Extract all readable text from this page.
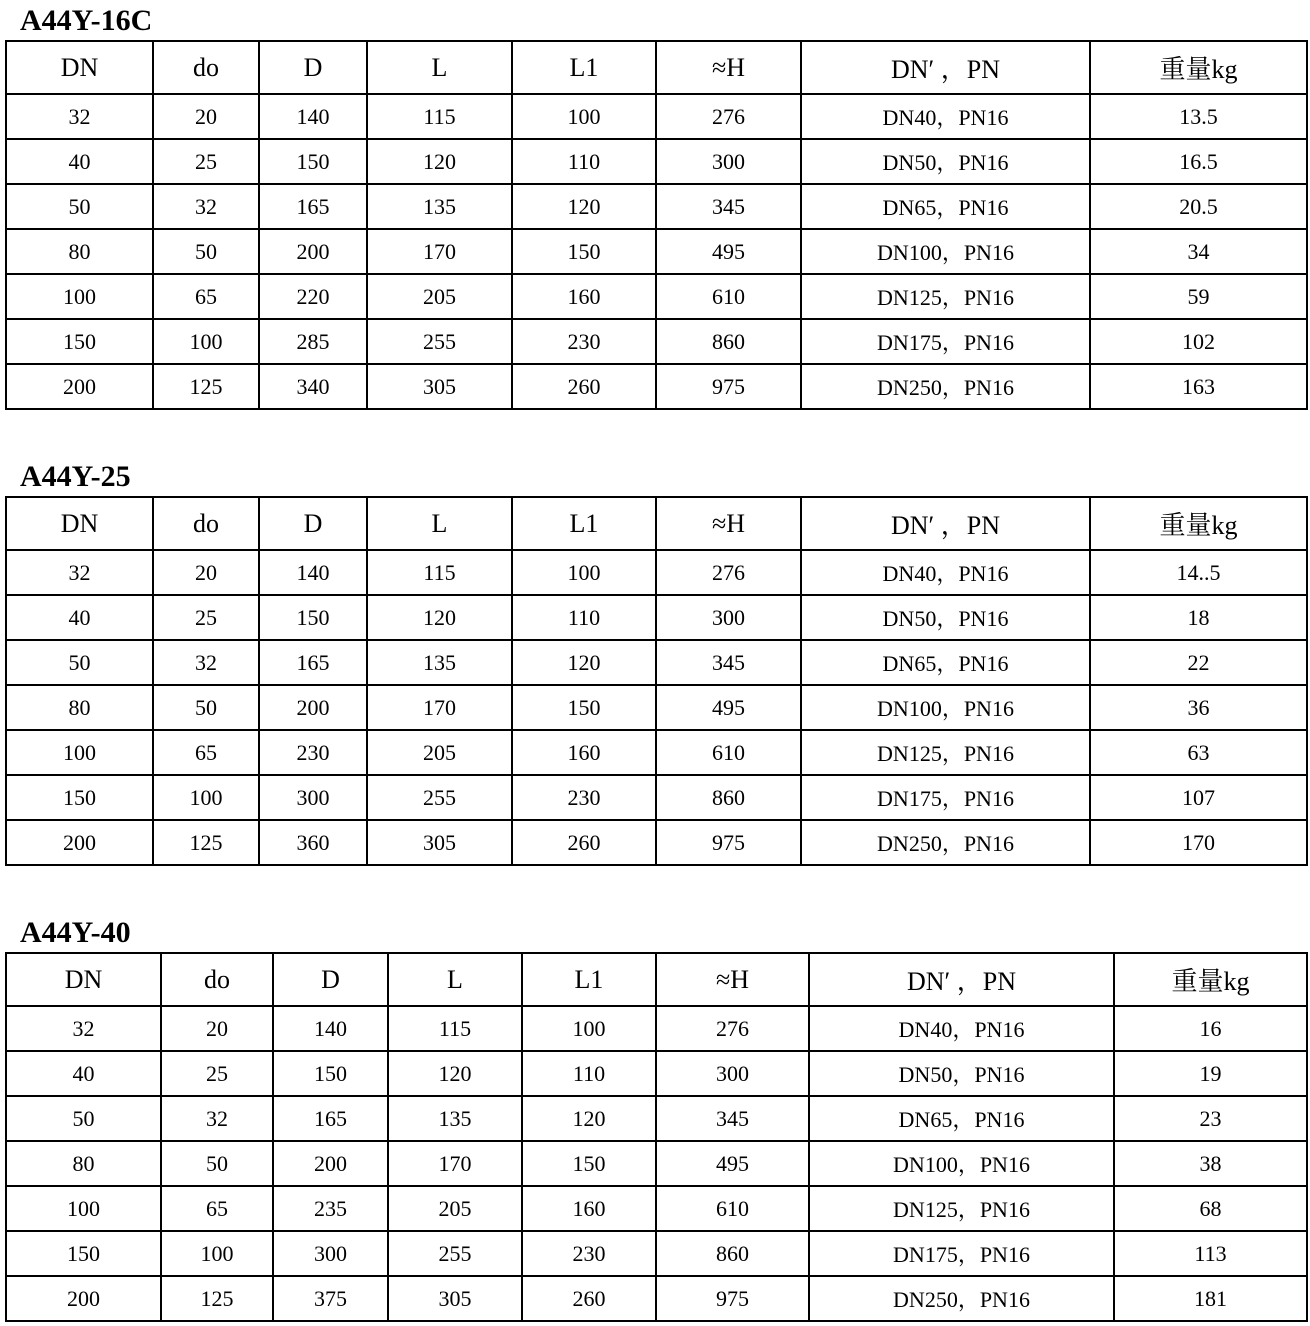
A44Y-16C
DN	do	D	L	L1	≈H	DN′ ，PN	重量kg
32	20	140	115	100	276	DN40，PN16	13.5
40	25	150	120	110	300	DN50，PN16	16.5
50	32	165	135	120	345	DN65，PN16	20.5
80	50	200	170	150	495	DN100，PN16	34
100	65	220	205	160	610	DN125，PN16	59
150	100	285	255	230	860	DN175，PN16	102
200	125	340	305	260	975	DN250，PN16	163
A44Y-25
DN	do	D	L	L1	≈H	DN′ ，PN	重量kg
32	20	140	115	100	276	DN40，PN16	14..5
40	25	150	120	110	300	DN50，PN16	18
50	32	165	135	120	345	DN65，PN16	22
80	50	200	170	150	495	DN100，PN16	36
100	65	230	205	160	610	DN125，PN16	63
150	100	300	255	230	860	DN175，PN16	107
200	125	360	305	260	975	DN250，PN16	170
A44Y-40
DN	do	D	L	L1	≈H	DN′ ，PN	重量kg
32	20	140	115	100	276	DN40，PN16	16
40	25	150	120	110	300	DN50，PN16	19
50	32	165	135	120	345	DN65，PN16	23
80	50	200	170	150	495	DN100，PN16	38
100	65	235	205	160	610	DN125，PN16	68
150	100	300	255	230	860	DN175，PN16	113
200	125	375	305	260	975	DN250，PN16	181
